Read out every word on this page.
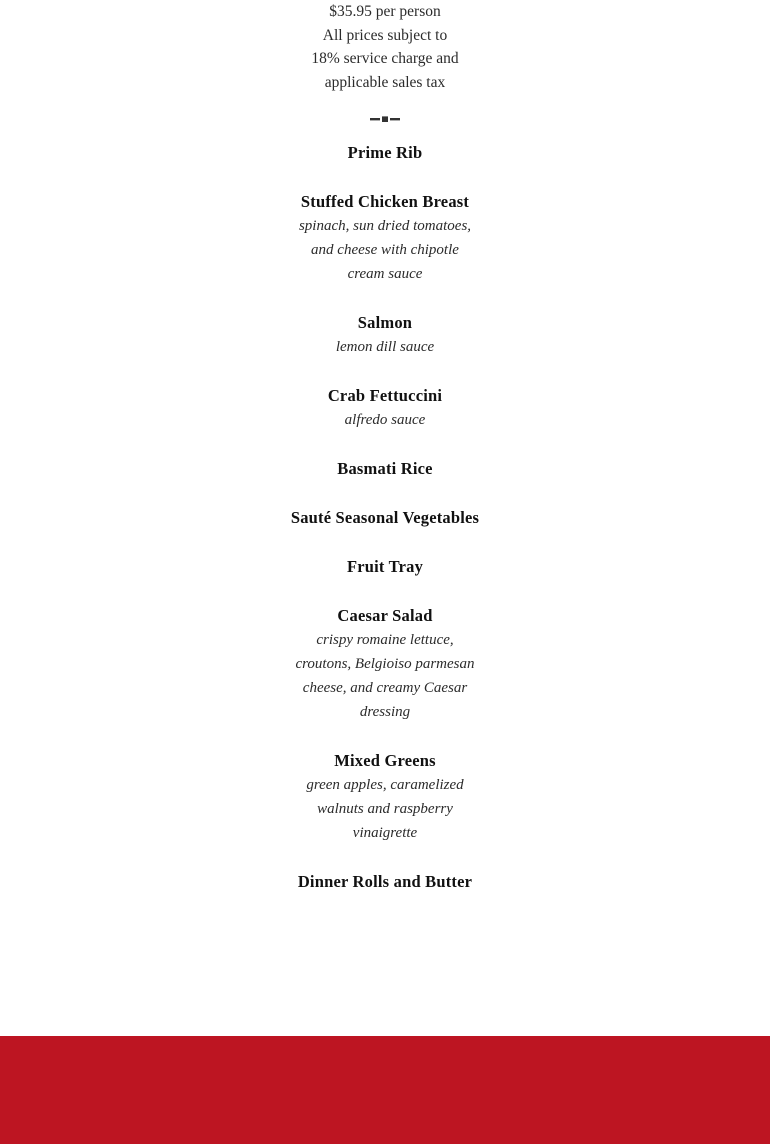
$35.95 per person
All prices subject to
18% service charge and
applicable sales tax

Prime Rib

Stuffed Chicken Breast

spinach, sun dried tomatoes, and cheese with chipotle cream sauce

Salmon

lemon dill sauce

Crab Fettuccini

alfredo sauce

Basmati Rice

Sauté Seasonal Vegetables

Fruit Tray

Caesar Salad

crispy romaine lettuce, croutons, Belgioiso parmesan cheese, and creamy Caesar dressing

Mixed Greens

green apples, caramelized walnuts and raspberry vinaigrette

Dinner Rolls and Butter
